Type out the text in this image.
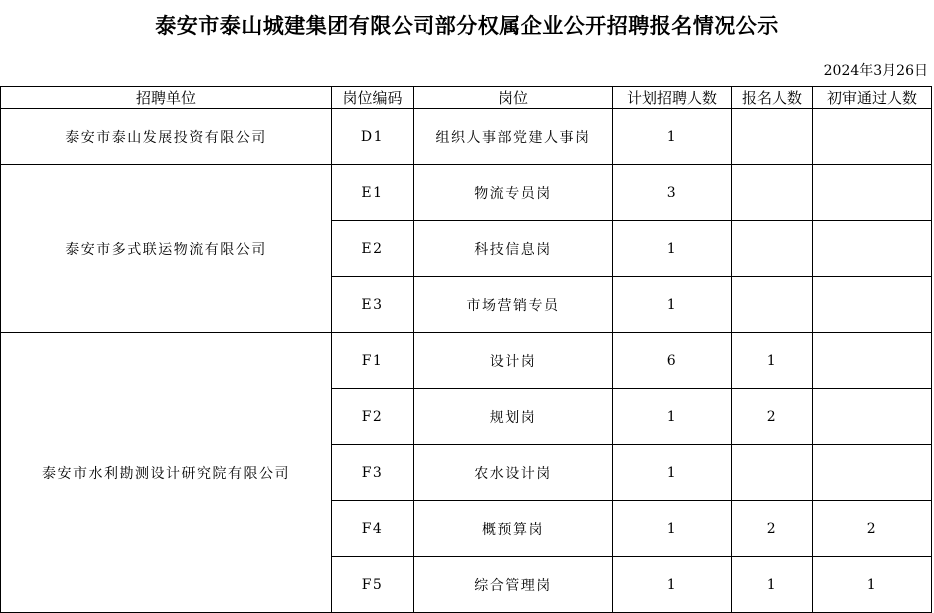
泰安市泰山城建集团有限公司部分权属企业公开招聘报名情况公示
2024年3月26日
招聘单位	岗位编码	岗位	计划招聘人数	报名人数	初审通过人数
泰安市泰山发展投资有限公司	D1	组织人事部党建人事岗	1		
泰安市多式联运物流有限公司	E1	物流专员岗	3		
	E2	科技信息岗	1		
	E3	市场营销专员	1		
泰安市水利勘测设计研究院有限公司	F1	设计岗	6	1	
	F2	规划岗	1	2	
	F3	农水设计岗	1		
	F4	概预算岗	1	2	2
	F5	综合管理岗	1	1	1
